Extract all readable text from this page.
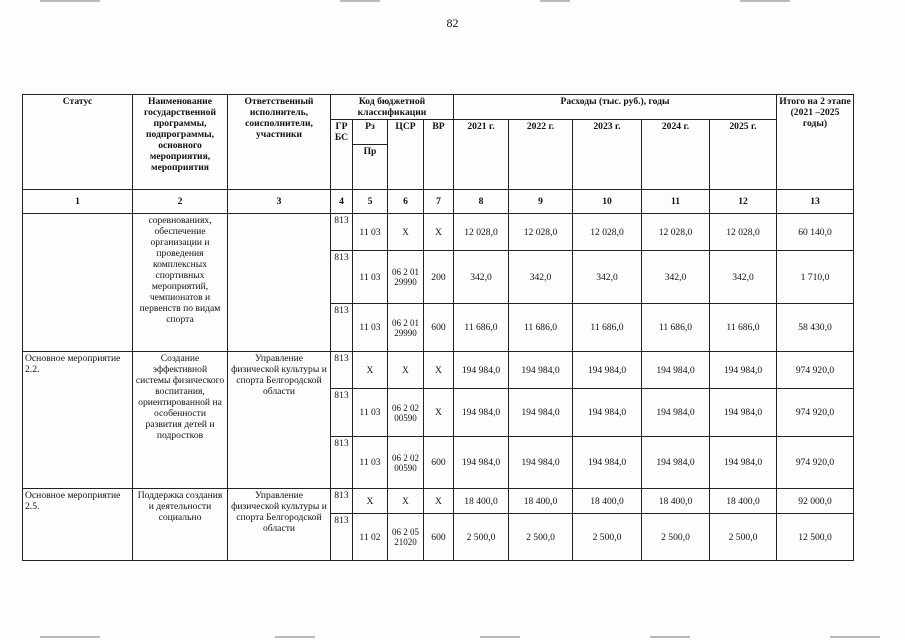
82
Статус	Наименование государственной программы, подпрограммы, основного мероприятия, мероприятия	Ответственный исполнитель, соисполнители, участники	Код бюджетной классификации				Расходы (тыс. руб.), годы					Итого на 2 этапе (2021 –2025 годы)
			ГРБС	Рз	ЦСР	ВР	2021 г.	2022 г.	2023 г.	2024 г.	2025 г.	
				Пр								
1	2	3	4	5	6	7	8	9	10	11	12	13
	соревнованиях, обеспечение организации и проведения комплексных спортивных мероприятий, чемпионатов и первенств по видам спорта		813	11 03	Х	Х	12 028,0	12 028,0	12 028,0	12 028,0	12 028,0	60 140,0
			813	11 03	06 2 01 29990	200	342,0	342,0	342,0	342,0	342,0	1 710,0
			813	11 03	06 2 01 29990	600	11 686,0	11 686,0	11 686,0	11 686,0	11 686,0	58 430,0
Основное мероприятие 2.2.	Создание эффективной системы физического воспитания, ориентированной на особенности развития детей и подростков	Управление физической культуры и спорта Белгородской области	813	Х	Х	Х	194 984,0	194 984,0	194 984,0	194 984,0	194 984,0	974 920,0
			813	11 03	06 2 02 00590	Х	194 984,0	194 984,0	194 984,0	194 984,0	194 984,0	974 920,0
			813	11 03	06 2 02 00590	600	194 984,0	194 984,0	194 984,0	194 984,0	194 984,0	974 920,0
Основное мероприятие 2.5.	Поддержка создания и деятельности социально	Управление физической культуры и спорта Белгородской области	813	Х	Х	Х	18 400,0	18 400,0	18 400,0	18 400,0	18 400,0	92 000,0
			813	11 02	06 2 05 21020	600	2 500,0	2 500,0	2 500,0	2 500,0	2 500,0	12 500,0
